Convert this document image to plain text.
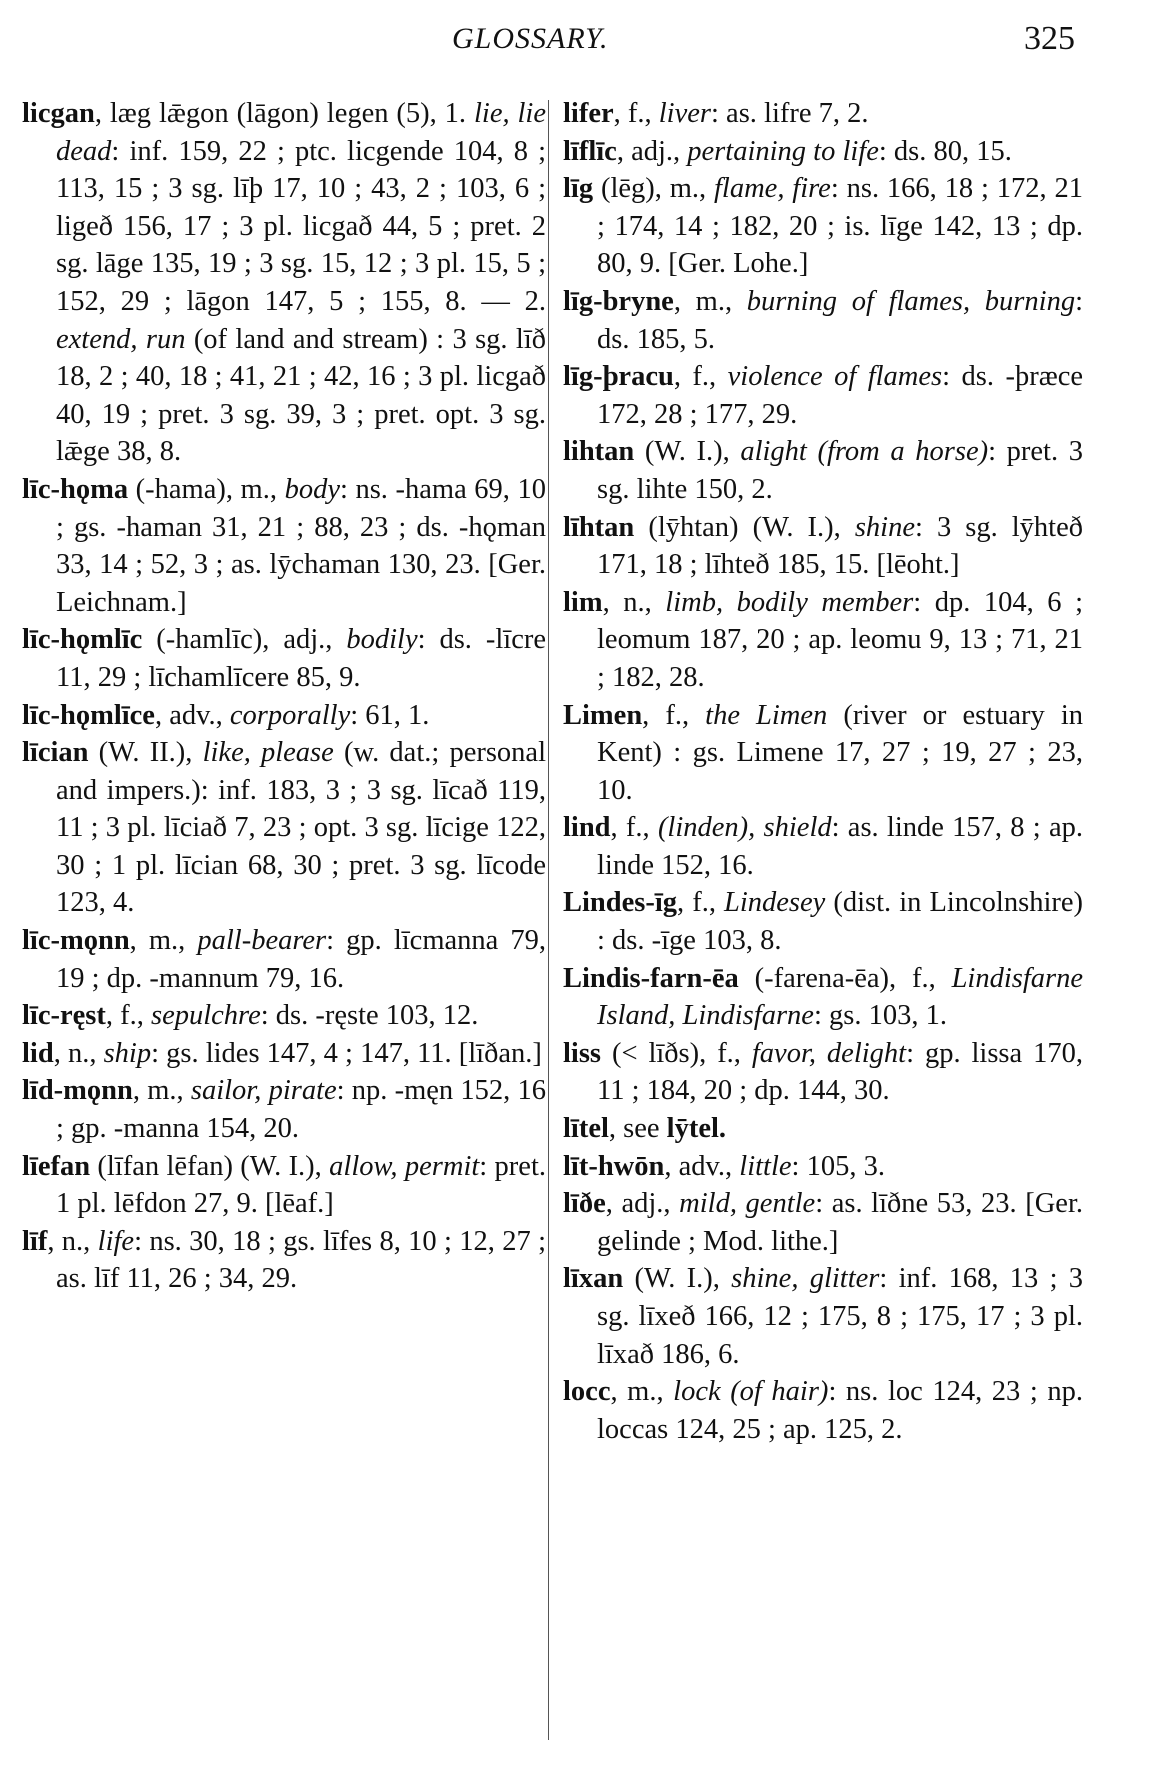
GLOSSARY.	325

licgan, læg lǣgon (lāgon) legen (5), 1. lie, lie dead: inf. 159, 22 ; ptc. licgende 104, 8 ; 113, 15 ; 3 sg. līþ 17, 10 ; 43, 2 ; 103, 6 ; ligeð 156, 17 ; 3 pl. licgað 44, 5 ; pret. 2 sg. lāge 135, 19 ; 3 sg. 15, 12 ; 3 pl. 15, 5 ; 152, 29 ; lāgon 147, 5 ; 155, 8. — 2. extend, run (of land and stream) : 3 sg. līð 18, 2 ; 40, 18 ; 41, 21 ; 42, 16 ; 3 pl. licgað 40, 19 ; pret. 3 sg. 39, 3 ; pret. opt. 3 sg. lǣge 38, 8.

līc-hǫma (-hama), m., body: ns. -hama 69, 10 ; gs. -haman 31, 21 ; 88, 23 ; ds. -hǫman 33, 14 ; 52, 3 ; as. lȳchaman 130, 23. [Ger. Leichnam.]

līc-hǫmlīc (-hamlīc), adj., bodily: ds. -līcre 11, 29 ; līchamlīcere 85, 9.

līc-hǫmlīce, adv., corporally: 61, 1.

līcian (W. II.), like, please (w. dat.; personal and impers.): inf. 183, 3 ; 3 sg. līcað 119, 11 ; 3 pl. līciað 7, 23 ; opt. 3 sg. līcige 122, 30 ; 1 pl. līcian 68, 30 ; pret. 3 sg. līcode 123, 4.

līc-mǫnn, m., pall-bearer: gp. līcmanna 79, 19 ; dp. -mannum 79, 16.

līc-ręst, f., sepulchre: ds. -ręste 103, 12.

lid, n., ship: gs. lides 147, 4 ; 147, 11. [līðan.]

līd-mǫnn, m., sailor, pirate: np. -męn 152, 16 ; gp. -manna 154, 20.

līefan (līfan lēfan) (W. I.), allow, permit: pret. 1 pl. lēfdon 27, 9. [lēaf.]

līf, n., life: ns. 30, 18 ; gs. līfes 8, 10 ; 12, 27 ; as. līf 11, 26 ; 34, 29.

lifer, f., liver: as. lifre 7, 2.

līflīc, adj., pertaining to life: ds. 80, 15.

līg (lēg), m., flame, fire: ns. 166, 18 ; 172, 21 ; 174, 14 ; 182, 20 ; is. līge 142, 13 ; dp. 80, 9. [Ger. Lohe.]

līg-bryne, m., burning of flames, burning: ds. 185, 5.

līg-þracu, f., violence of flames: ds. -þræce 172, 28 ; 177, 29.

lihtan (W. I.), alight (from a horse): pret. 3 sg. lihte 150, 2.

līhtan (lȳhtan) (W. I.), shine: 3 sg. lȳhteð 171, 18 ; līhteð 185, 15. [lēoht.]

lim, n., limb, bodily member: dp. 104, 6 ; leomum 187, 20 ; ap. leomu 9, 13 ; 71, 21 ; 182, 28.

Limen, f., the Limen (river or estuary in Kent) : gs. Limene 17, 27 ; 19, 27 ; 23, 10.

lind, f., (linden), shield: as. linde 157, 8 ; ap. linde 152, 16.

Lindes-īg, f., Lindesey (dist. in Lincolnshire) : ds. -īge 103, 8.

Lindis-farn-ēa (-farena-ēa), f., Lindisfarne Island, Lindisfarne: gs. 103, 1.

liss (< līðs), f., favor, delight: gp. lissa 170, 11 ; 184, 20 ; dp. 144, 30.

lītel, see lȳtel.

līt-hwōn, adv., little: 105, 3.

līðe, adj., mild, gentle: as. līðne 53, 23. [Ger. gelinde ; Mod. lithe.]

līxan (W. I.), shine, glitter: inf. 168, 13 ; 3 sg. līxeð 166, 12 ; 175, 8 ; 175, 17 ; 3 pl. līxað 186, 6.

locc, m., lock (of hair): ns. loc 124, 23 ; np. loccas 124, 25 ; ap. 125, 2.
